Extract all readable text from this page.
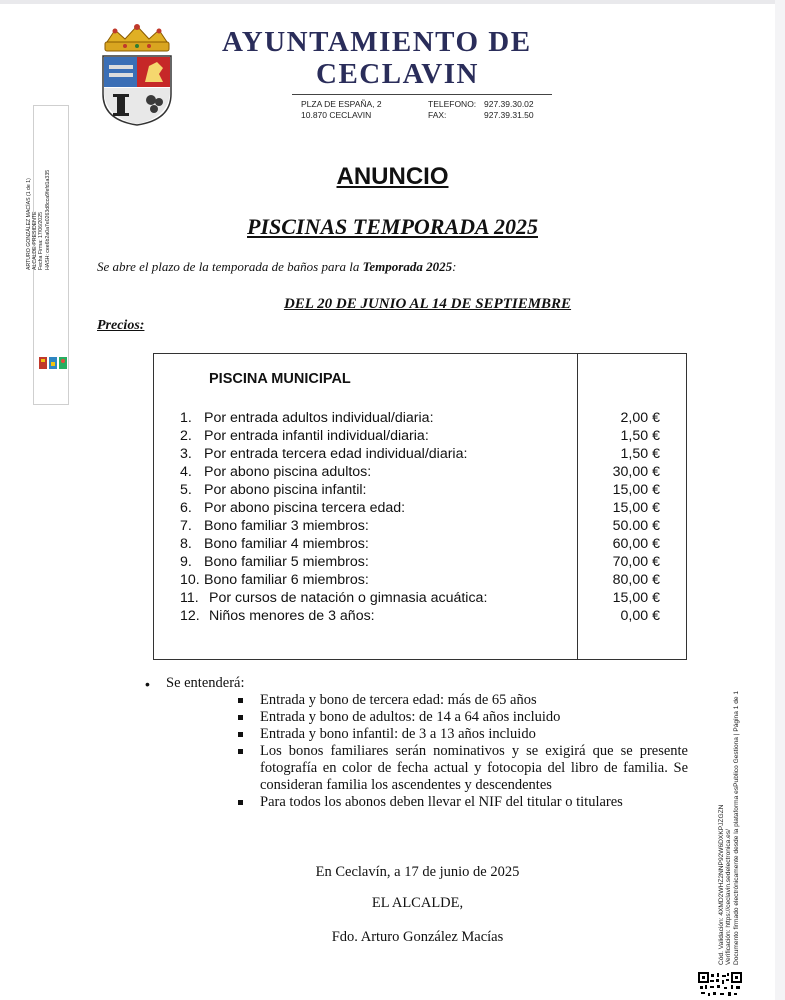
ARTURO GONZÁLEZ MACÍAS (1 de 1) ALCALDE-PRESIDENTE Fecha Firma: 17/06/2025 HASH: cee6b2a0a7e0263d8cca9fefd1a335
AYUNTAMIENTO DE
CECLAVIN
PLZA DE ESPAÑA, 2
10.870 CECLAVIN
TELEFONO: 927.39.30.02
FAX:	927.39.31.50
ANUNCIO
PISCINAS TEMPORADA 2025
Se abre el plazo de la temporada de baños para la Temporada 2025:
DEL 20 DE JUNIO AL 14 DE SEPTIEMBRE
Precios:
PISCINA MUNICIPAL
1. Por entrada adultos individual/diaria:	2,00 €
2. Por entrada infantil individual/diaria:	1,50 €
3. Por entrada tercera edad individual/diaria:	1,50 €
4. Por abono piscina adultos:	30,00 €
5. Por abono piscina infantil:	15,00 €
6. Por abono piscina tercera edad:	15,00 €
7. Bono familiar 3 miembros:	50.00 €
8. Bono familiar 4 miembros:	60,00 €
9. Bono familiar 5 miembros:	70,00 €
10. Bono familiar 6 miembros:	80,00 €
11. Por cursos de natación o gimnasia acuática:	15,00 €
12. Niños menores de 3 años:	0,00 €
• Se entenderá:
Entrada y bono de tercera edad: más de 65 años
Entrada y bono de adultos: de 14 a 64 años incluido
Entrada y bono infantil: de 3 a 13 años incluido
Los bonos familiares serán nominativos y se exigirá que se presente fotografía en color de fecha actual y fotocopia del libro de familia. Se consideran familia los ascendentes y descendentes
Para todos los abonos deben llevar el NIF del titular o titulares
En Ceclavín, a 17 de junio de 2025
EL ALCALDE,
Fdo. Arturo González Macías	Cód. Validación: 4XMD2WHZ2NNP92W6DXKPJZGZN Verificación: https://ceclavin.sedelectronica.es/ Documento firmado electrónicamente desde la plataforma esPublico Gestiona | Página 1 de 1
